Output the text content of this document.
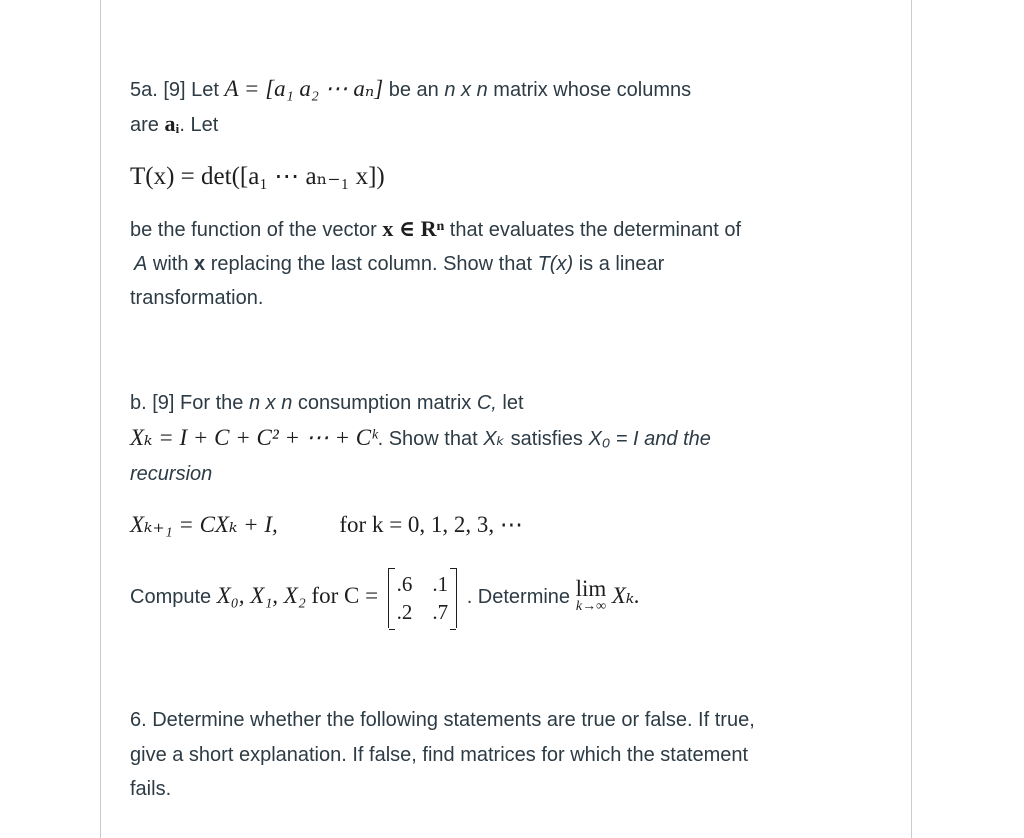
5a. [9] Let A = [a₁ a₂ ⋯ aₙ] be an n x n matrix whose columns
are aᵢ. Let
T(x) = det([a₁ ⋯ aₙ₋₁ x])
be the function of the vector x ∈ Rⁿ that evaluates the determinant of
A with x replacing the last column. Show that T(x) is a linear
transformation.
b. [9] For the n x n consumption matrix C, let
Xₖ = I + C + C² + ⋯ + Cᵏ. Show that Xₖ satisfies X₀ = I and the
recursion
Xₖ₊₁ = CXₖ + I,	for k = 0, 1, 2, 3, ⋯
Compute X₀, X₁, X₂ for C = .6 .1
.2 .7
. Determine lim
k→∞ Xₖ.
6. Determine whether the following statements are true or false. If true,
give a short explanation. If false, find matrices for which the statement
fails.
